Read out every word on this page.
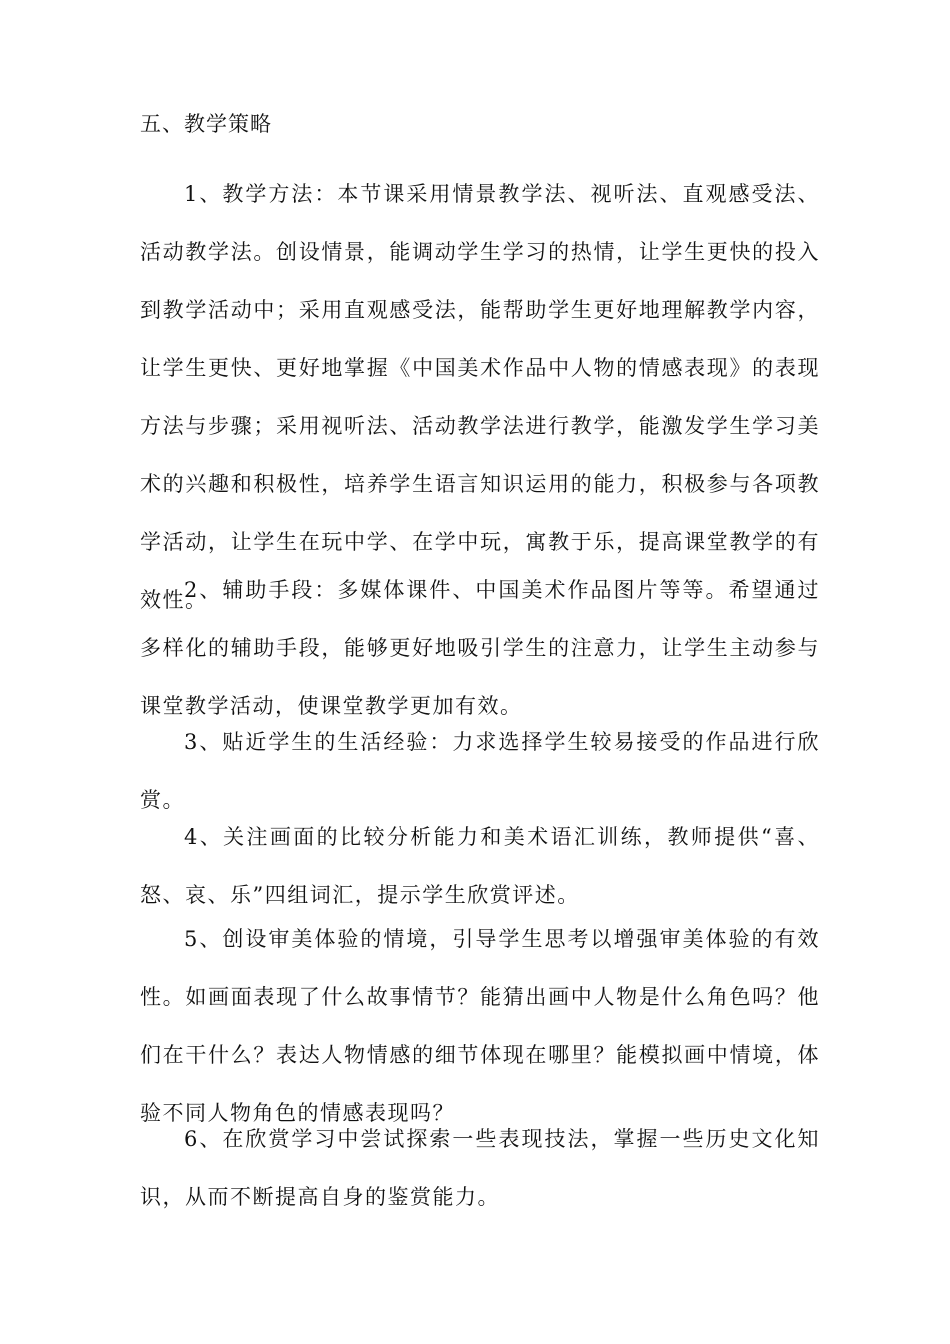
五、教学策略
1、教学方法：本节课采用情景教学法、视听法、直观感受法、
活动教学法。创设情景，能调动学生学习的热情，让学生更快的投入
到教学活动中；采用直观感受法，能帮助学生更好地理解教学内容，
让学生更快、更好地掌握《中国美术作品中人物的情感表现》的表现
方法与步骤；采用视听法、活动教学法进行教学，能激发学生学习美
术的兴趣和积极性，培养学生语言知识运用的能力，积极参与各项教
学活动，让学生在玩中学、在学中玩，寓教于乐，提高课堂教学的有
效性。
2、辅助手段：多媒体课件、中国美术作品图片等等。希望通过
多样化的辅助手段，能够更好地吸引学生的注意力，让学生主动参与
课堂教学活动，使课堂教学更加有效。
3、贴近学生的生活经验：力求选择学生较易接受的作品进行欣
赏。
4、关注画面的比较分析能力和美术语汇训练，教师提供“喜、
怒、哀、乐”四组词汇，提示学生欣赏评述。
5、创设审美体验的情境，引导学生思考以增强审美体验的有效
性。如画面表现了什么故事情节？能猜出画中人物是什么角色吗？他
们在干什么？表达人物情感的细节体现在哪里？能模拟画中情境，体
验不同人物角色的情感表现吗？
6、在欣赏学习中尝试探索一些表现技法，掌握一些历史文化知
识，从而不断提高自身的鉴赏能力。
